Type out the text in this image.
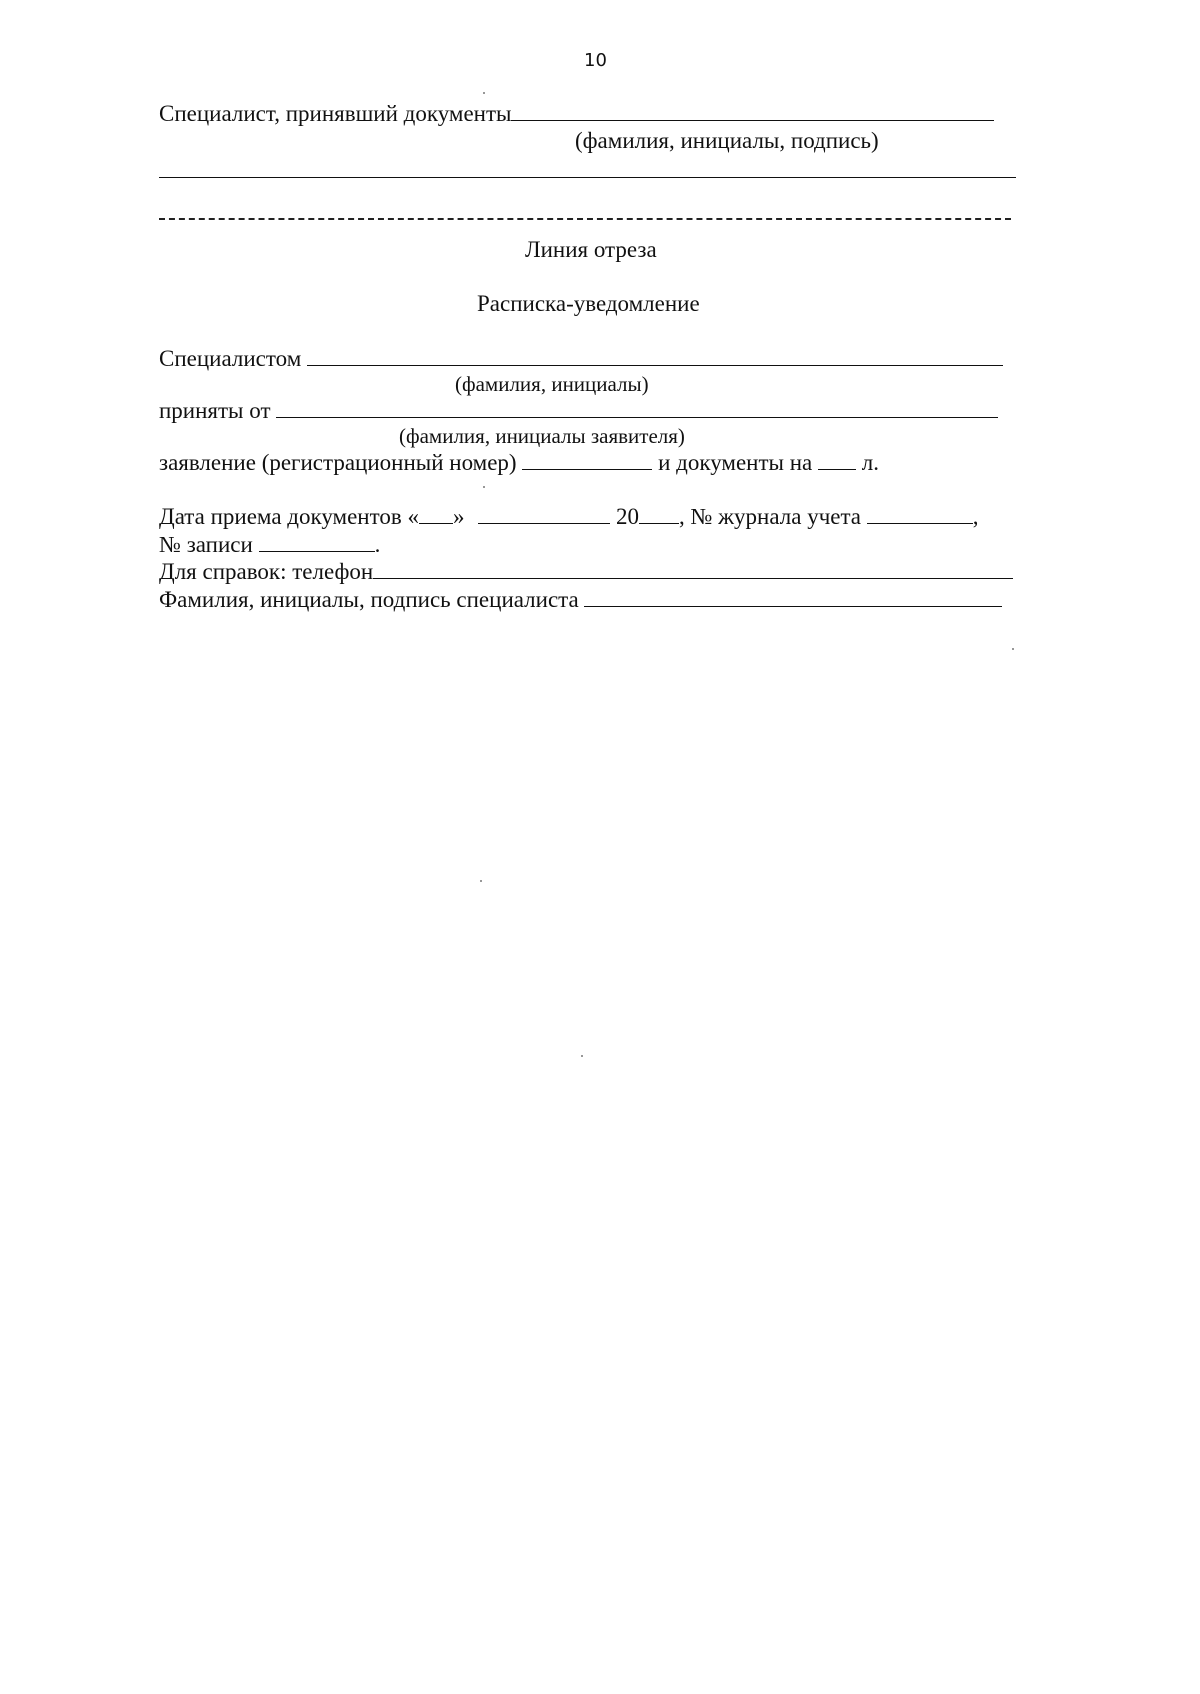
10
Специалист, принявший документы
(фамилия, инициалы, подпись)
Линия отреза
Расписка-уведомление
Специалистом
(фамилия, инициалы)
приняты от
(фамилия, инициалы заявителя)
заявление (регистрационный номер)	и документы на л.
Дата приема документов « »	20 , № журнала учета	,
№ записи	.
Для справок: телефон
Фамилия, инициалы, подпись специалиста
